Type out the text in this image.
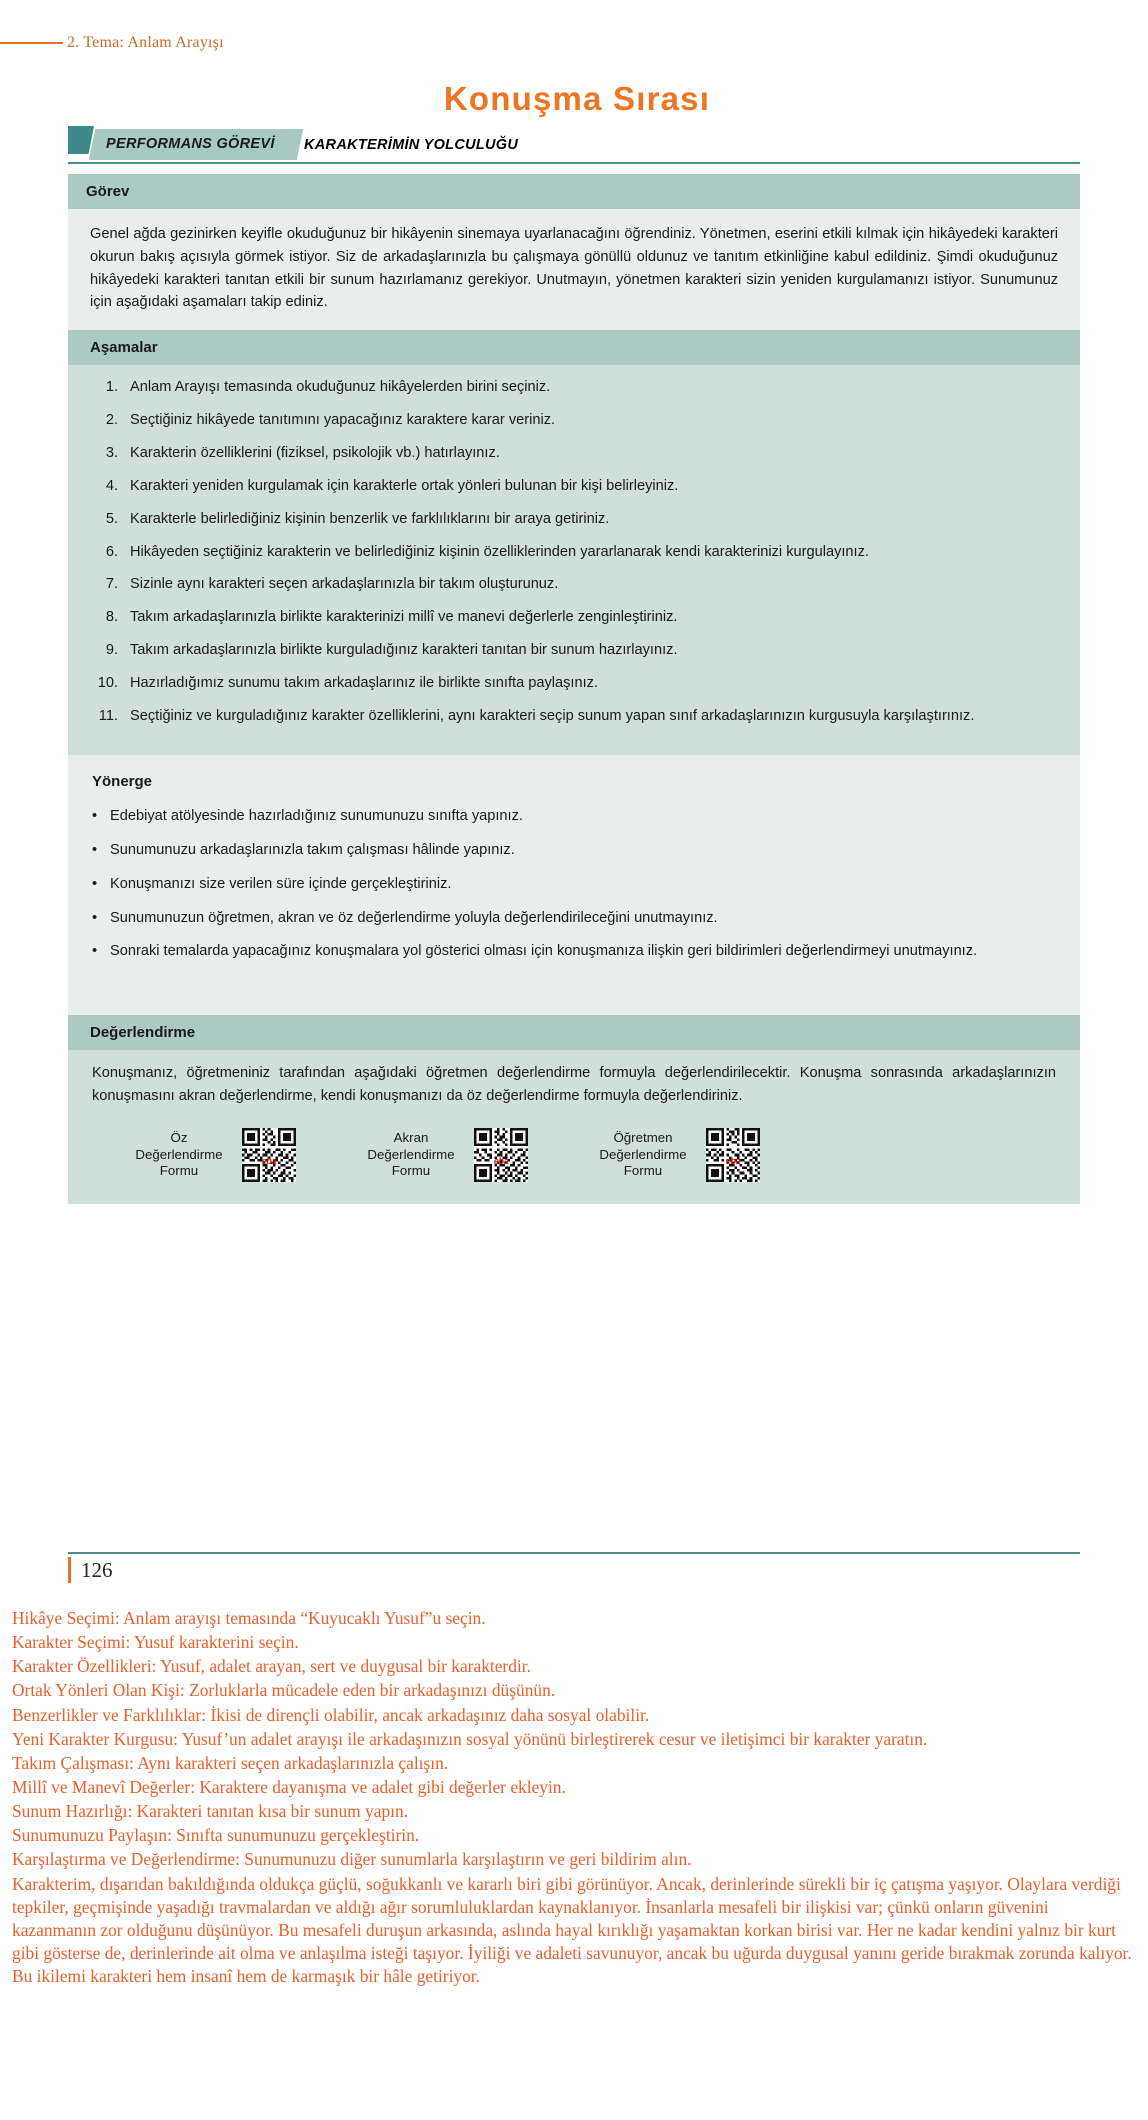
2. Tema: Anlam Arayışı
Konuşma Sırası
PERFORMANS GÖREVİ KARAKTERİMİN YOLCULUĞU
Görev

Genel ağda gezinirken keyifle okuduğunuz bir hikâyenin sinemaya uyarlanacağını öğrendiniz. Yönetmen, eserini etkili kılmak için hikâyedeki karakteri okurun bakış açısıyla görmek istiyor. Siz de arkadaşlarınızla bu çalışmaya gönüllü oldunuz ve tanıtım etkinliğine kabul edildiniz. Şimdi okuduğunuz hikâyedeki karakteri tanıtan etkili bir sunum hazırlamanız gerekiyor. Unutmayın, yönetmen karakteri sizin yeniden kurgulamanızı istiyor. Sunumunuz için aşağıdaki aşamaları takip ediniz.

Aşamalar
1. Anlam Arayışı temasında okuduğunuz hikâyelerden birini seçiniz.
2. Seçtiğiniz hikâyede tanıtımını yapacağınız karaktere karar veriniz.
3. Karakterin özelliklerini (fiziksel, psikolojik vb.) hatırlayınız.
4. Karakteri yeniden kurgulamak için karakterle ortak yönleri bulunan bir kişi belirleyiniz.
5. Karakterle belirlediğiniz kişinin benzerlik ve farklılıklarını bir araya getiriniz.
6. Hikâyeden seçtiğiniz karakterin ve belirlediğiniz kişinin özelliklerinden yararlanarak kendi karakterinizi kurgulayınız.
7. Sizinle aynı karakteri seçen arkadaşlarınızla bir takım oluşturunuz.
8. Takım arkadaşlarınızla birlikte karakterinizi millî ve manevi değerlerle zenginleştiriniz.
9. Takım arkadaşlarınızla birlikte kurguladığınız karakteri tanıtan bir sunum hazırlayınız.
10. Hazırladığımız sunumu takım arkadaşlarınız ile birlikte sınıfta paylaşınız.
11. Seçtiğiniz ve kurguladığınız karakter özelliklerini, aynı karakteri seçip sunum yapan sınıf arkadaşlarınızın kurgusuyla karşılaştırınız.
Yönerge
• Edebiyat atölyesinde hazırladığınız sunumunuzu sınıfta yapınız.
• Sunumunuzu arkadaşlarınızla takım çalışması hâlinde yapınız.
• Konuşmanızı size verilen süre içinde gerçekleştiriniz.
• Sunumunuzun öğretmen, akran ve öz değerlendirme yoluyla değerlendirileceğini unutmayınız.
• Sonraki temalarda yapacağınız konuşmalara yol gösterici olması için konuşmanıza ilişkin geri bildirimleri değerlendirmeyi unutmayınız.
Değerlendirme

Konuşmanız, öğretmeniniz tarafından aşağıdaki öğretmen değerlendirme formuyla değerlendirilecektir. Konuşma sonrasında arkadaşlarınızın konuşmasını akran değerlendirme, kendi konuşmanızı da öz değerlendirme formuyla değerlendiriniz.

Öz Değerlendirme
Formu
eba
Akran Değerlendirme
Formu
eba
Öğretmen
Değerlendirme
Formu
eba
126
Hikâye Seçimi: Anlam arayışı temasında “Kuyucaklı Yusuf”u seçin.
Karakter Seçimi: Yusuf karakterini seçin.
Karakter Özellikleri: Yusuf, adalet arayan, sert ve duygusal bir karakterdir.
Ortak Yönleri Olan Kişi: Zorluklarla mücadele eden bir arkadaşınızı düşünün.
Benzerlikler ve Farklılıklar: İkisi de dirençli olabilir, ancak arkadaşınız daha sosyal olabilir.
Yeni Karakter Kurgusu: Yusuf’un adalet arayışı ile arkadaşınızın sosyal yönünü birleştirerek cesur ve iletişimci bir karakter yaratın.
Takım Çalışması: Aynı karakteri seçen arkadaşlarınızla çalışın.
Millî ve Manevî Değerler: Karaktere dayanışma ve adalet gibi değerler ekleyin.
Sunum Hazırlığı: Karakteri tanıtan kısa bir sunum yapın.
Sunumunuzu Paylaşın: Sınıfta sunumunuzu gerçekleştirin.
Karşılaştırma ve Değerlendirme: Sunumunuzu diğer sunumlarla karşılaştırın ve geri bildirim alın.
Karakterim, dışarıdan bakıldığında oldukça güçlü, soğukkanlı ve kararlı biri gibi görünüyor. Ancak, derinlerinde sürekli bir iç çatışma yaşıyor. Olaylara verdiği tepkiler, geçmişinde yaşadığı travmalardan ve aldığı ağır sorumluluklardan kaynaklanıyor. İnsanlarla mesafeli bir ilişkisi var; çünkü onların güvenini kazanmanın zor olduğunu düşünüyor. Bu mesafeli duruşun arkasında, aslında hayal kırıklığı yaşamaktan korkan birisi var. Her ne kadar kendini yalnız bir kurt gibi gösterse de, derinlerinde ait olma ve anlaşılma isteği taşıyor. İyiliği ve adaleti savunuyor, ancak bu uğurda duygusal yanını geride bırakmak zorunda kalıyor. Bu ikilemi karakteri hem insanî hem de karmaşık bir hâle getiriyor.
